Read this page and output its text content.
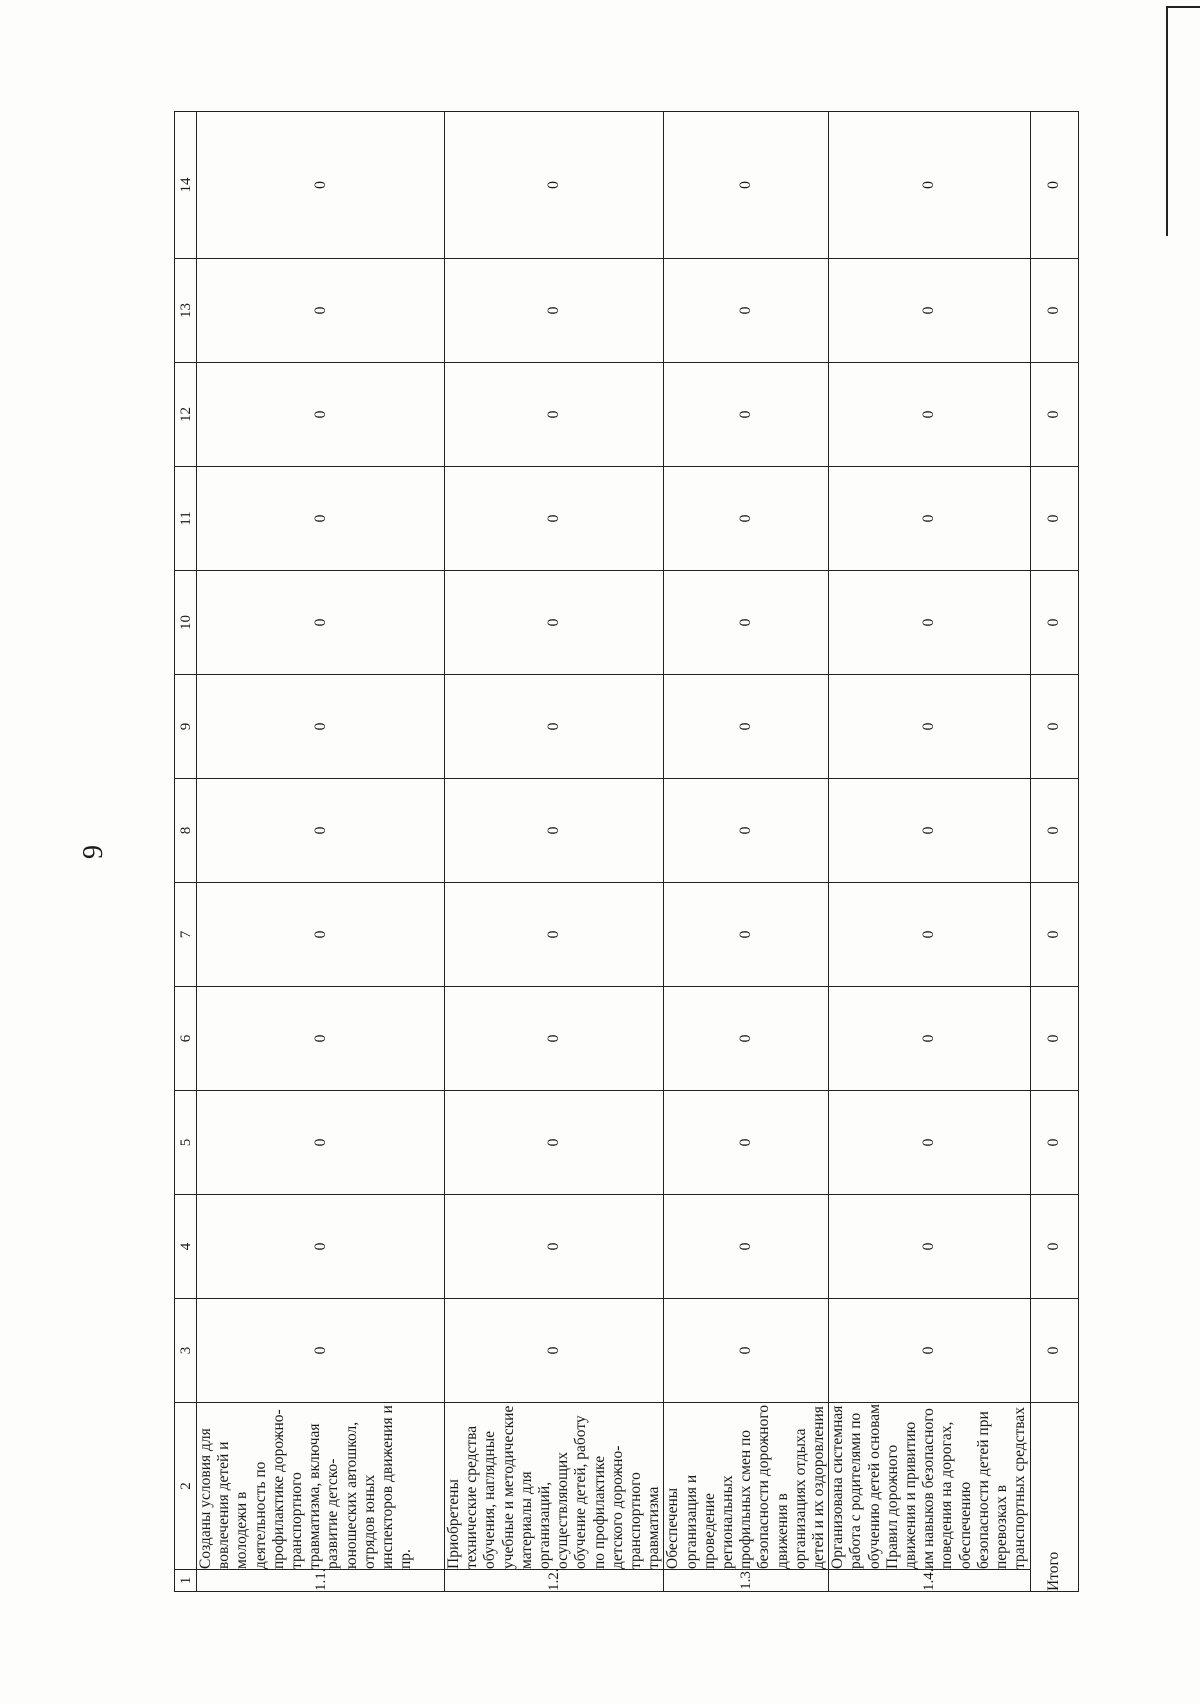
9
1	2	3	4	5	6	7	8	9	10	11	12	13	14
1.1.	Созданы условия для вовлечения детей и молодежи в деятельность по профилактике дорожно-транспортного травматизма, включая развитие детско-юношеских автошкол, отрядов юных инспекторов движения и пр.	0	0	0	0	0	0	0	0	0	0	0	0
1.2.	Приобретены технические средства обучения, наглядные учебные и методические материалы для организаций, осуществляющих обучение детей, работу по профилактике детского дорожно-транспортного травматизма	0	0	0	0	0	0	0	0	0	0	0	0
1.3	Обеспечены организация и проведение региональных профильных смен по безопасности дорожного движения в организациях отдыха детей и их оздоровления	0	0	0	0	0	0	0	0	0	0	0	0
1.4.	Организована системная работа с родителями по обучению детей основам Правил дорожного движения и привитию им навыков безопасного поведения на дорогах, обеспечению безопасности детей при перевозках в транспортных средствах	0	0	0	0	0	0	0	0	0	0	0	0
Итого		0	0	0	0	0	0	0	0	0	0	0	0
